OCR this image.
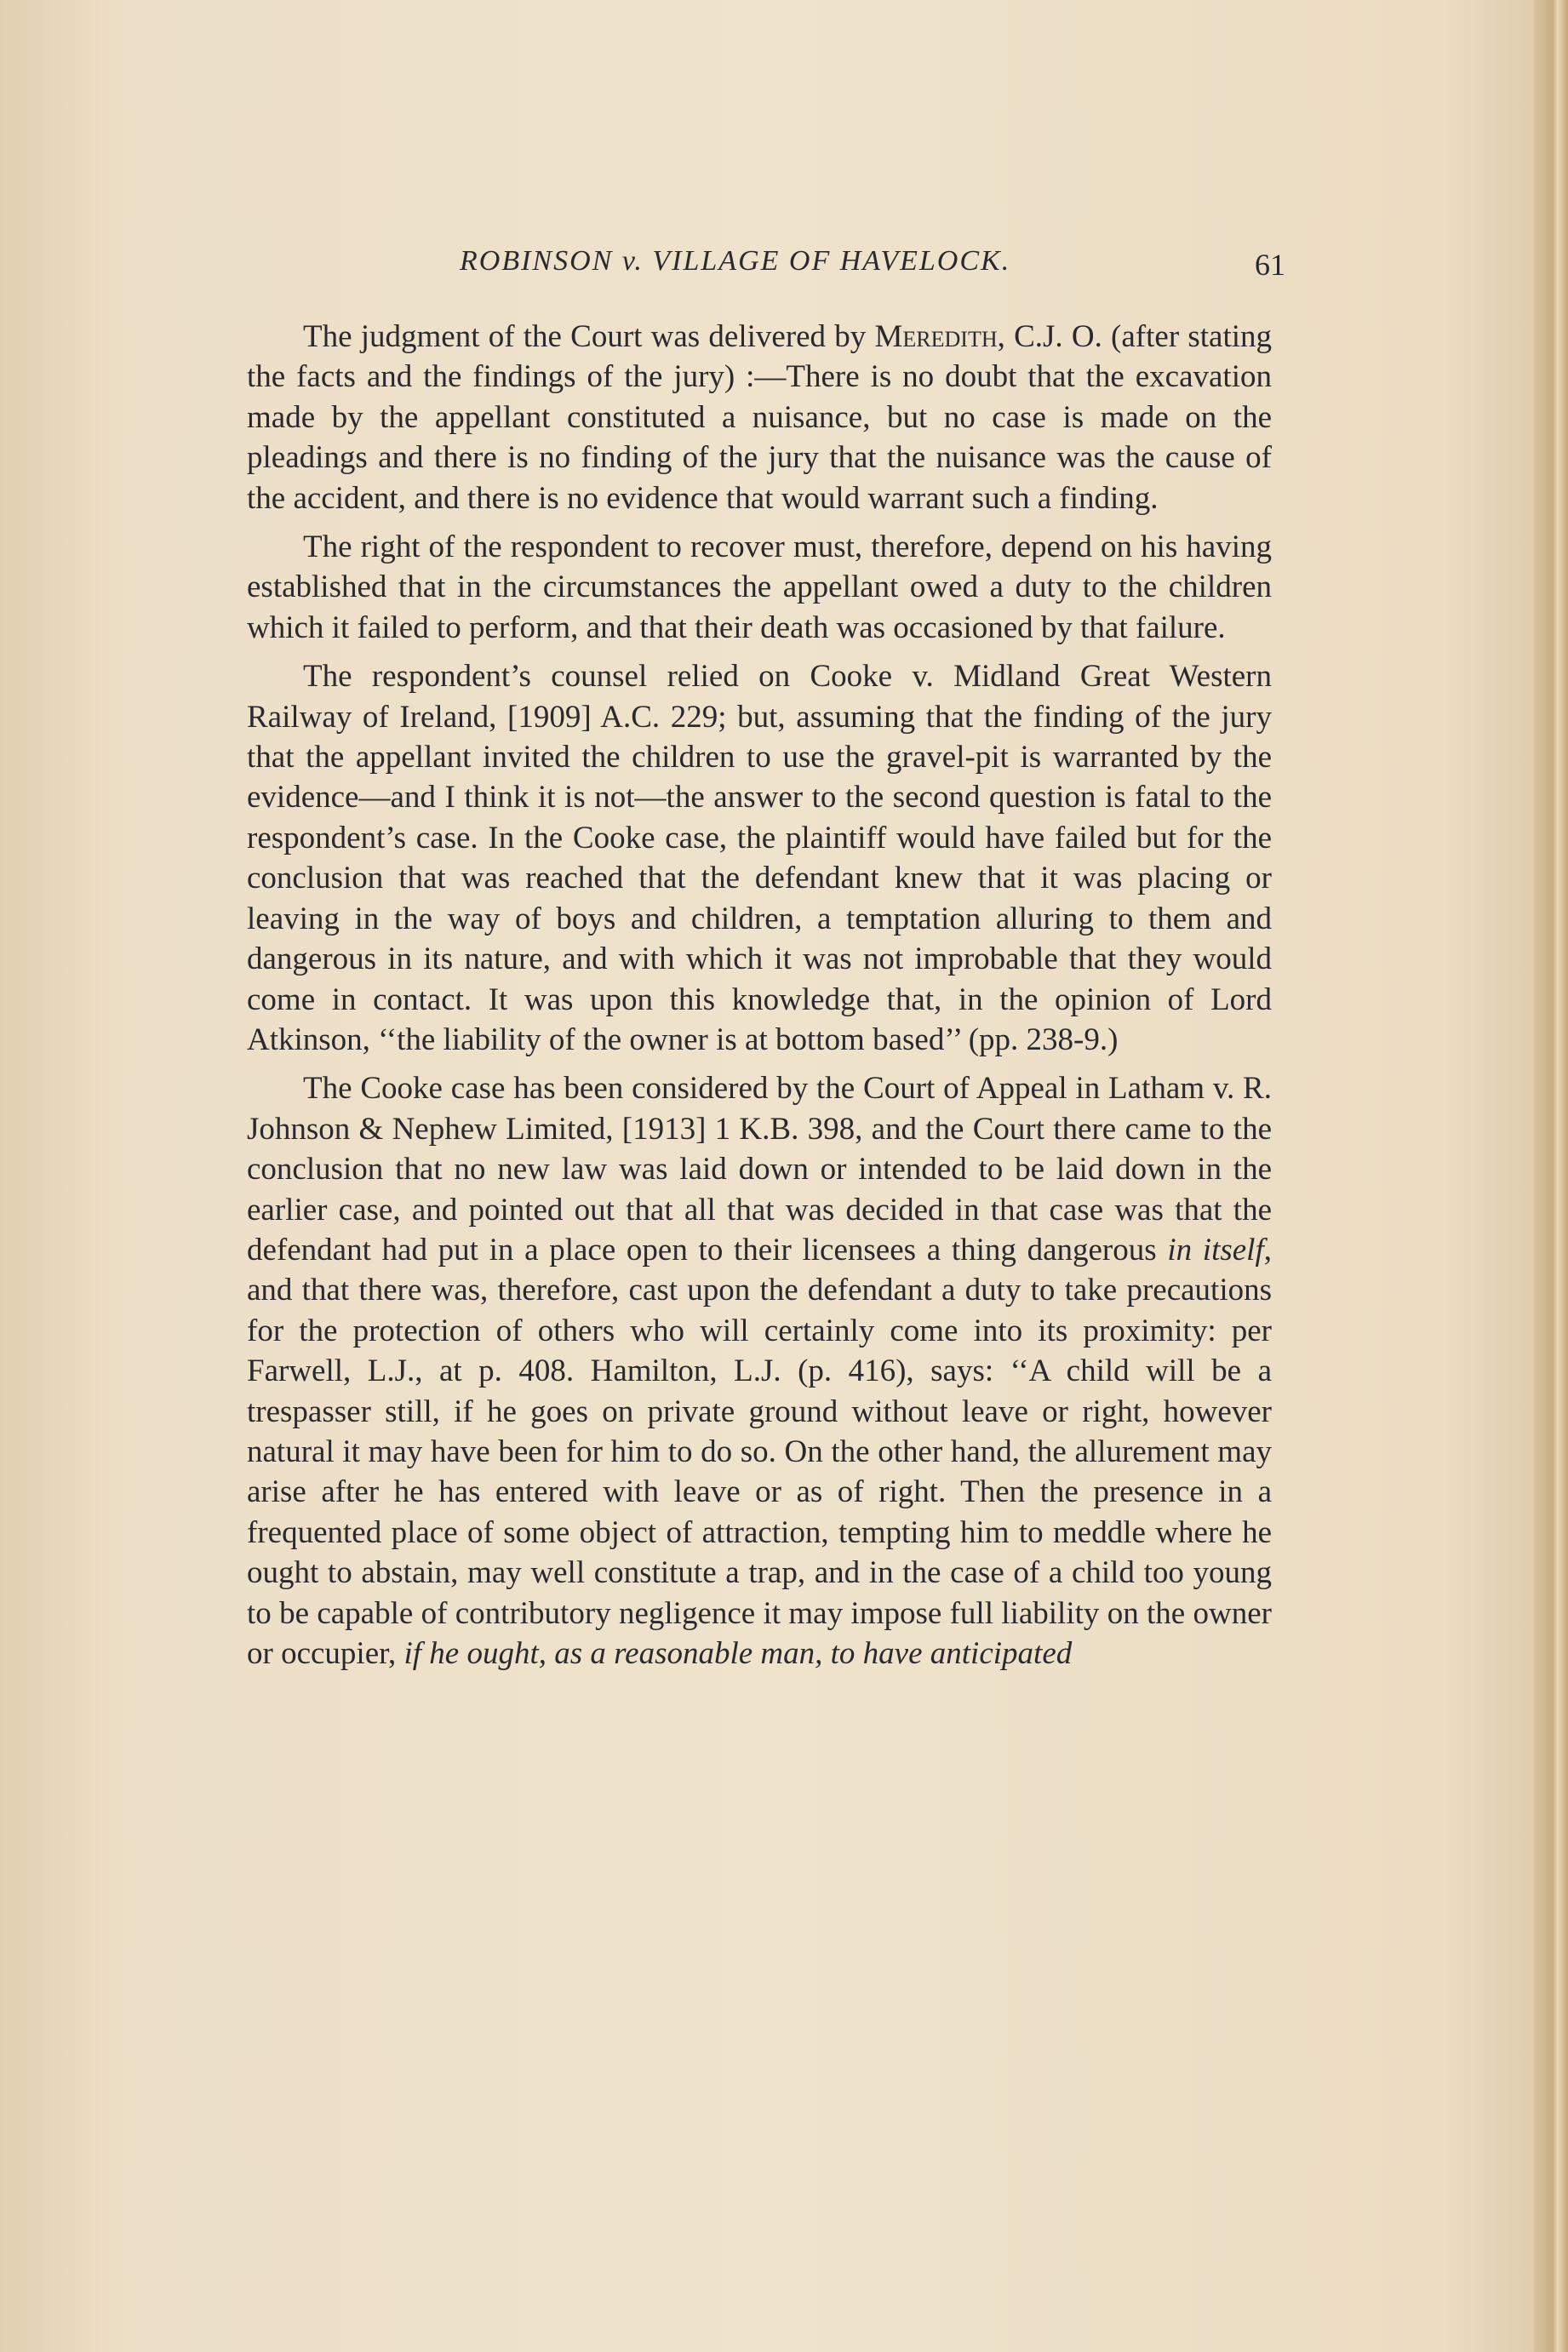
ROBINSON v. VILLAGE OF HAVELOCK.	61

The judgment of the Court was delivered by Meredith, C.J. O. (after stating the facts and the findings of the jury) :—There is no doubt that the excavation made by the appellant constituted a nuisance, but no case is made on the pleadings and there is no finding of the jury that the nuisance was the cause of the accident, and there is no evidence that would warrant such a finding.

The right of the respondent to recover must, therefore, depend on his having established that in the circumstances the appellant owed a duty to the children which it failed to perform, and that their death was occasioned by that failure.

The respondent’s counsel relied on Cooke v. Midland Great Western Railway of Ireland, [1909] A.C. 229; but, assuming that the finding of the jury that the appellant invited the children to use the gravel-pit is warranted by the evidence—and I think it is not—the answer to the second question is fatal to the respondent’s case. In the Cooke case, the plaintiff would have failed but for the conclusion that was reached that the defendant knew that it was placing or leaving in the way of boys and children, a temptation alluring to them and dangerous in its nature, and with which it was not improbable that they would come in contact. It was upon this knowledge that, in the opinion of Lord Atkinson, ‘‘the liability of the owner is at bottom based’’ (pp. 238-9.)

The Cooke case has been considered by the Court of Appeal in Latham v. R. Johnson & Nephew Limited, [1913] 1 K.B. 398, and the Court there came to the conclusion that no new law was laid down or intended to be laid down in the earlier case, and pointed out that all that was decided in that case was that the defendant had put in a place open to their licensees a thing dangerous in itself, and that there was, therefore, cast upon the defendant a duty to take precautions for the protection of others who will certainly come into its proximity: per Farwell, L.J., at p. 408. Hamilton, L.J. (p. 416), says: ‘‘A child will be a trespasser still, if he goes on private ground without leave or right, however natural it may have been for him to do so. On the other hand, the allurement may arise after he has entered with leave or as of right. Then the presence in a frequented place of some object of attraction, tempting him to meddle where he ought to abstain, may well constitute a trap, and in the case of a child too young to be capable of contributory negligence it may impose full liability on the owner or occupier, if he ought, as a reasonable man, to have anticipated
